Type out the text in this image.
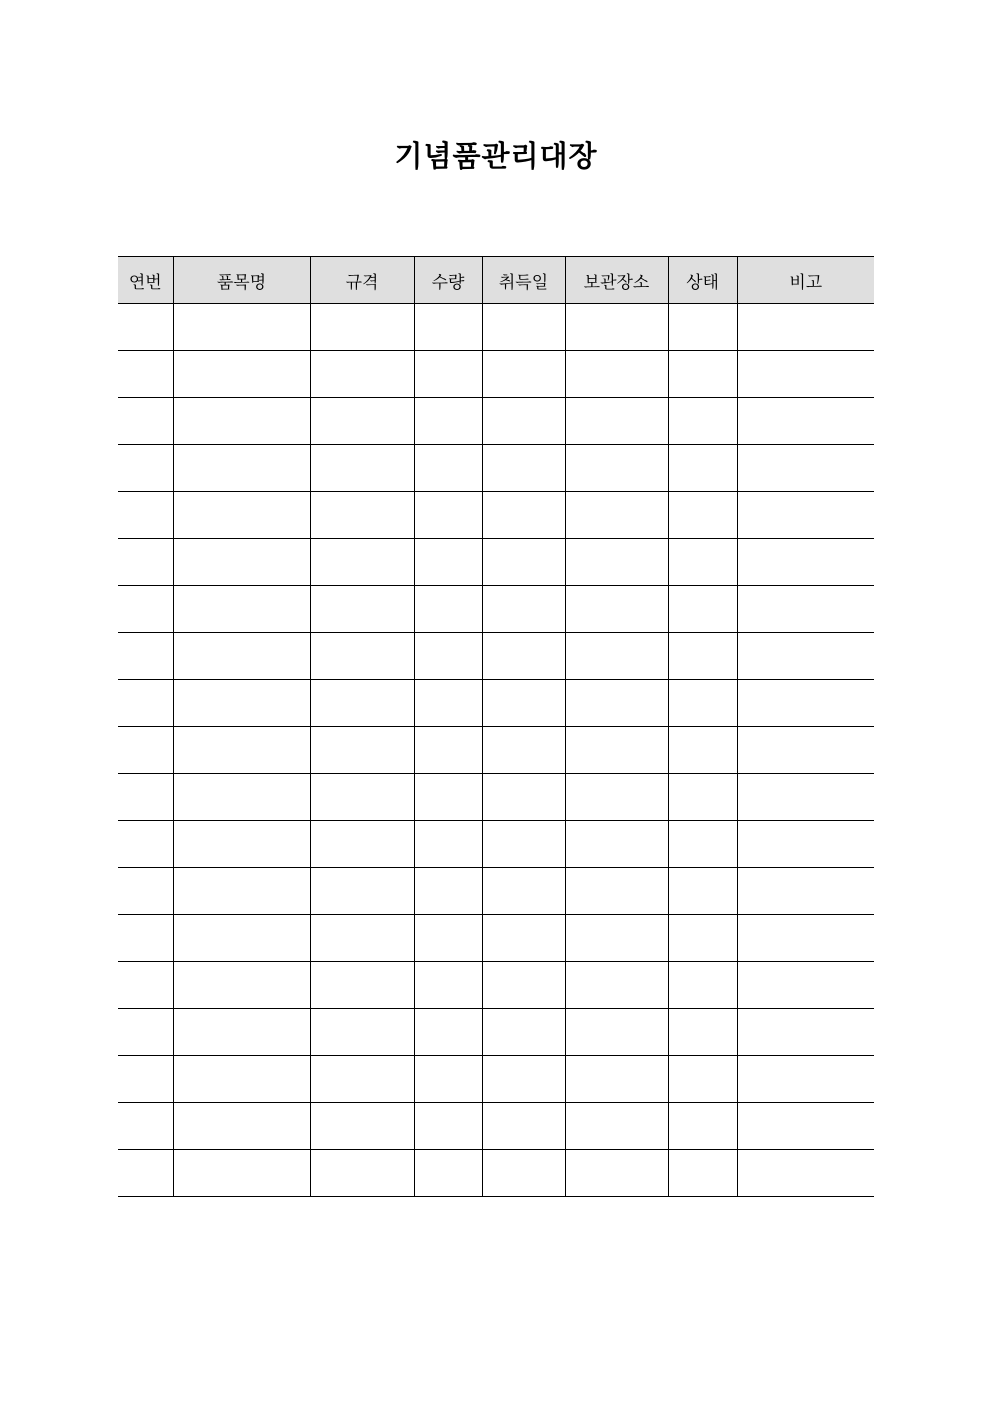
기념품관리대장
연번	품목명	규격	수량	취득일	보관장소	상태	비고
